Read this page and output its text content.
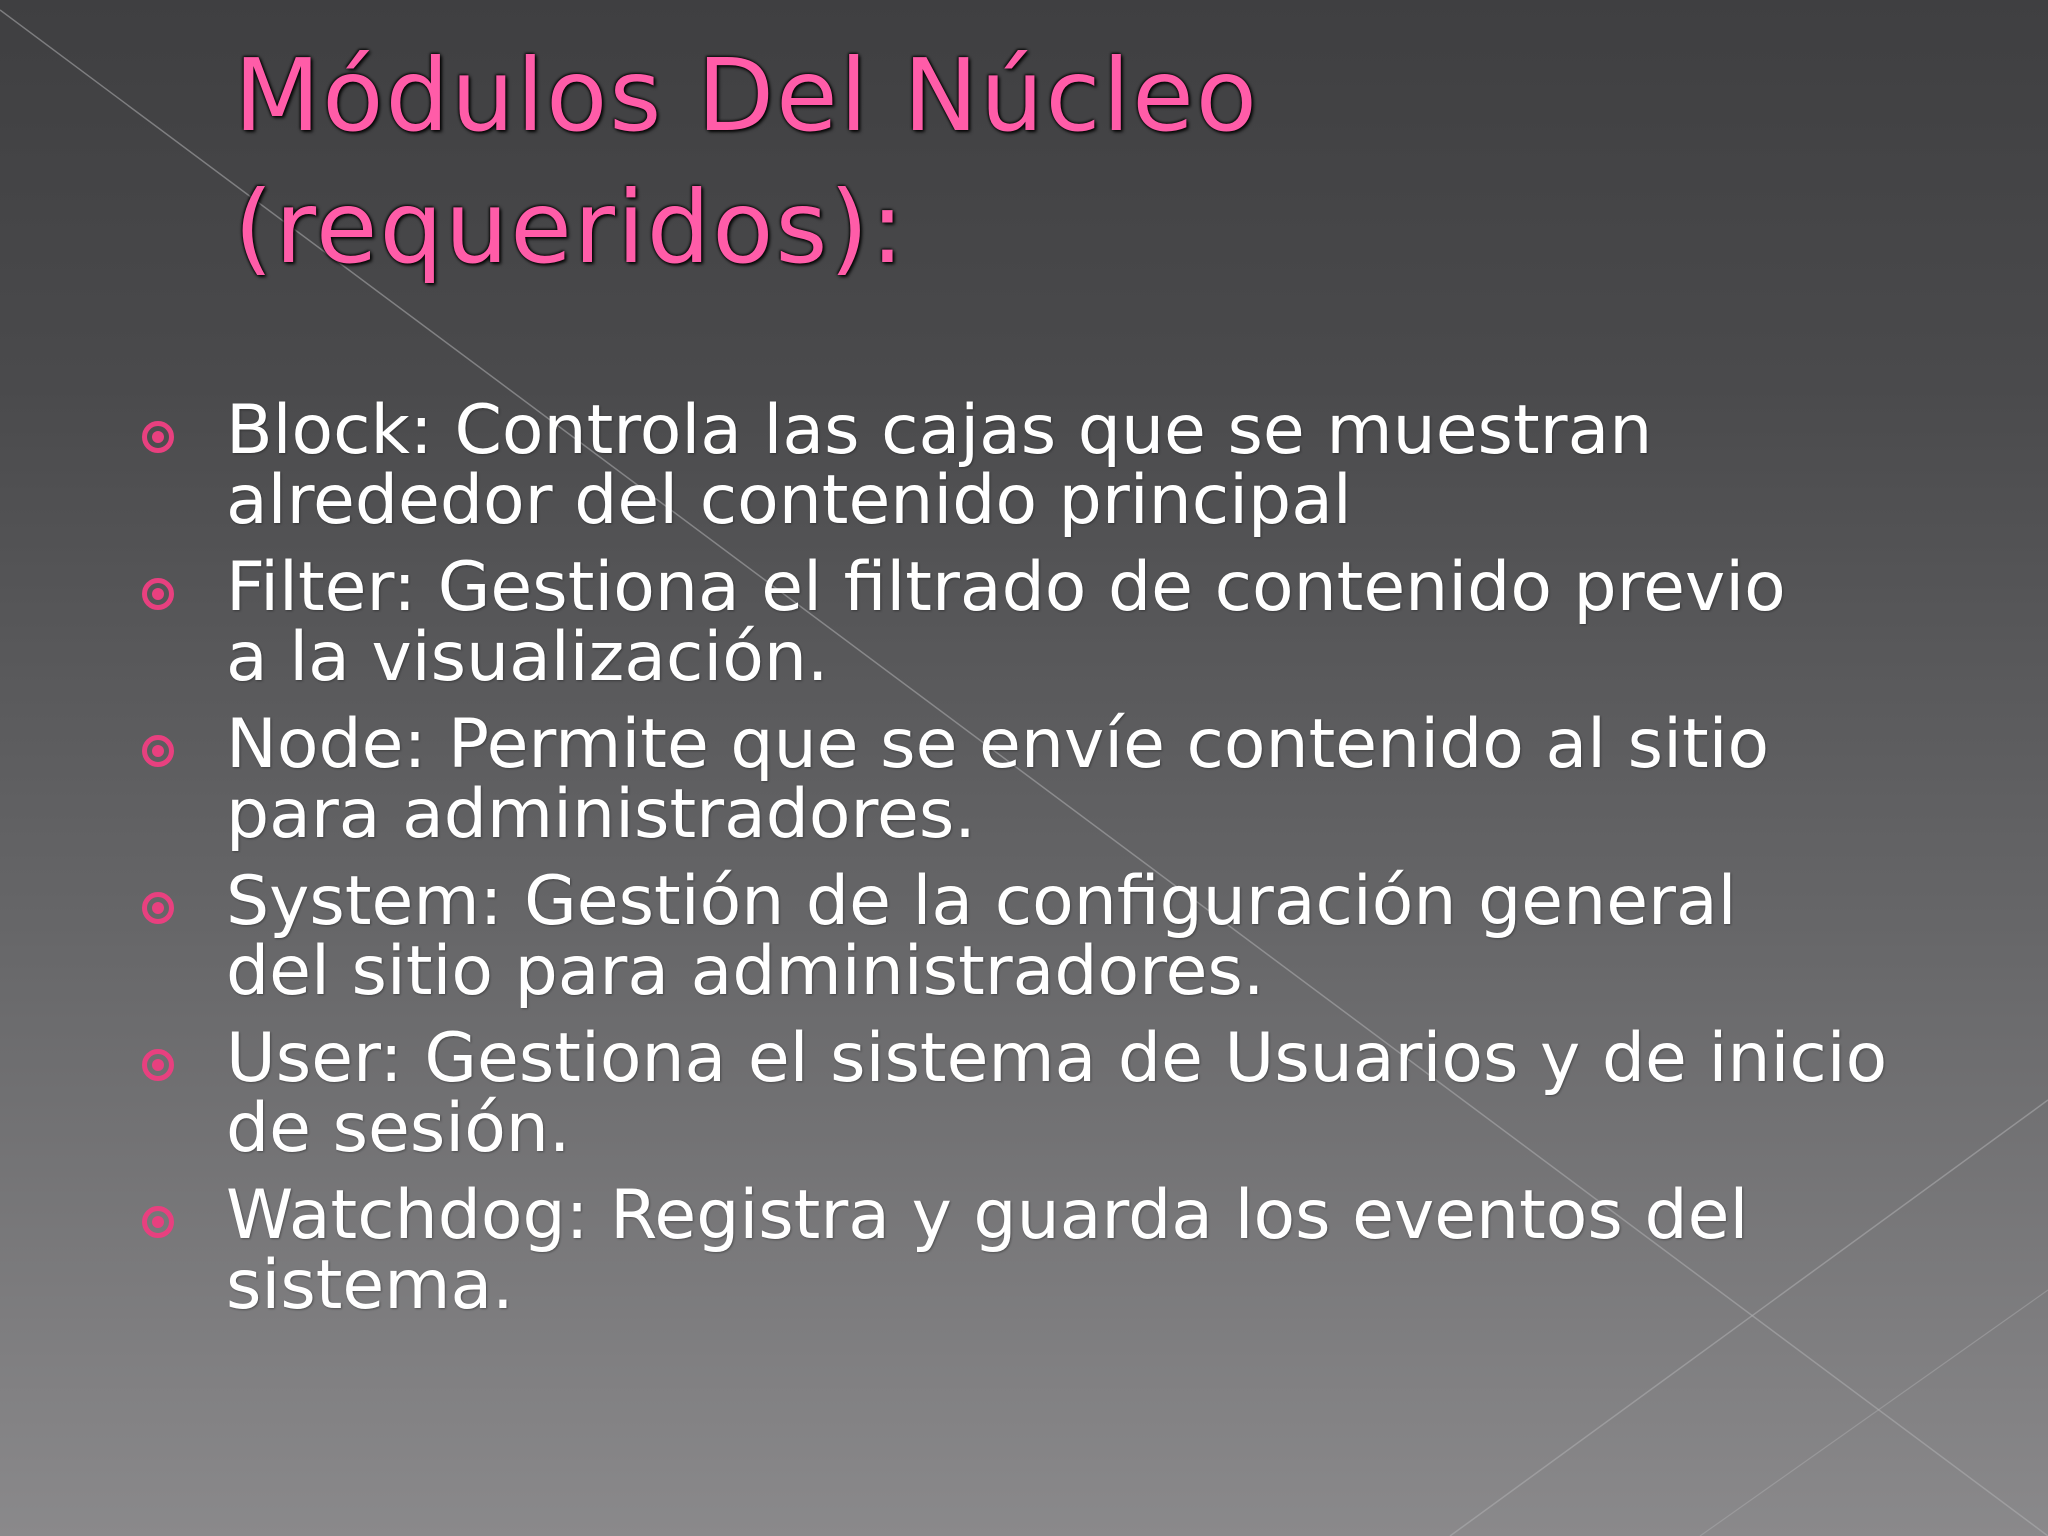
Módulos Del Núcleo
(requeridos):
Block: Controla las cajas que se muestran
alrededor del contenido principal
Filter: Gestiona el filtrado de contenido previo
a la visualización.
Node: Permite que se envíe contenido al sitio
para administradores.
System: Gestión de la configuración general
del sitio para administradores.
User: Gestiona el sistema de Usuarios y de inicio
de sesión.
Watchdog: Registra y guarda los eventos del
sistema.
